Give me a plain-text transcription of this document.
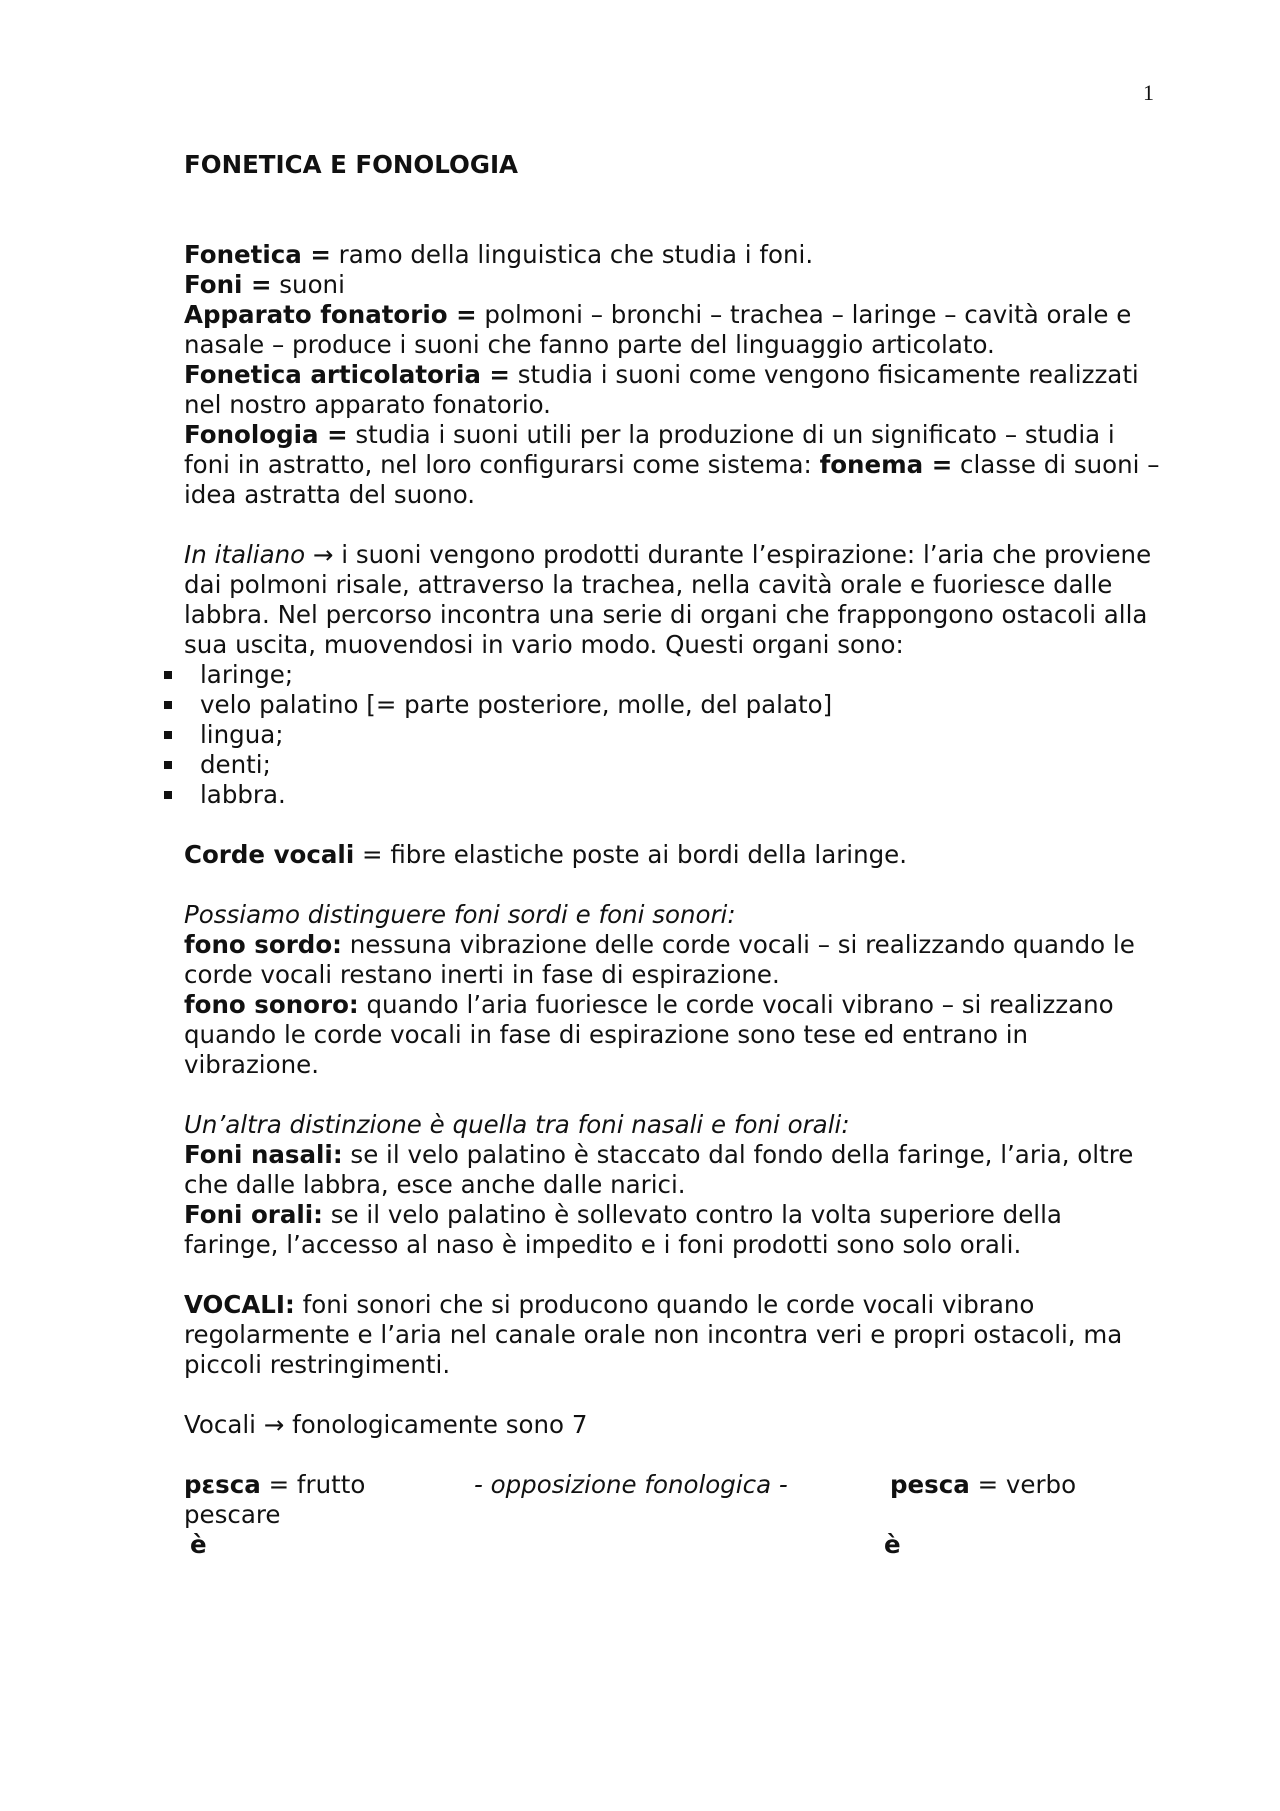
1

FONETICA E FONOLOGIA

Fonetica = ramo della linguistica che studia i foni.

Foni = suoni

Apparato fonatorio = polmoni – bronchi – trachea – laringe – cavità orale e nasale – produce i suoni che fanno parte del linguaggio articolato.

Fonetica articolatoria = studia i suoni come vengono fisicamente realizzati nel nostro apparato fonatorio.

Fonologia = studia i suoni utili per la produzione di un significato – studia i foni in astratto, nel loro configurarsi come sistema: fonema = classe di suoni – idea astratta del suono.

In italiano → i suoni vengono prodotti durante l’espirazione: l’aria che proviene dai polmoni risale, attraverso la trachea, nella cavità orale e fuoriesce dalle labbra. Nel percorso incontra una serie di organi che frappongono ostacoli alla sua uscita, muovendosi in vario modo. Questi organi sono:

laringe;
velo palatino [= parte posteriore, molle, del palato]
lingua;
denti;
labbra.

Corde vocali = fibre elastiche poste ai bordi della laringe.

Possiamo distinguere foni sordi e foni sonori:

fono sordo: nessuna vibrazione delle corde vocali – si realizzando quando le corde vocali restano inerti in fase di espirazione.

fono sonoro: quando l’aria fuoriesce le corde vocali vibrano – si realizzano quando le corde vocali in fase di espirazione sono tese ed entrano in vibrazione.

Un’altra distinzione è quella tra foni nasali e foni orali:

Foni nasali: se il velo palatino è staccato dal fondo della faringe, l’aria, oltre che dalle labbra, esce anche dalle narici.

Foni orali: se il velo palatino è sollevato contro la volta superiore della faringe, l’accesso al naso è impedito e i foni prodotti sono solo orali.

VOCALI: foni sonori che si producono quando le corde vocali vibrano regolarmente e l’aria nel canale orale non incontra veri e propri ostacoli, ma piccoli restringimenti.

Vocali → fonologicamente sono 7

pεsca = frutto	- opposizione fonologica -	pesca = verbo

pescare

è	è
